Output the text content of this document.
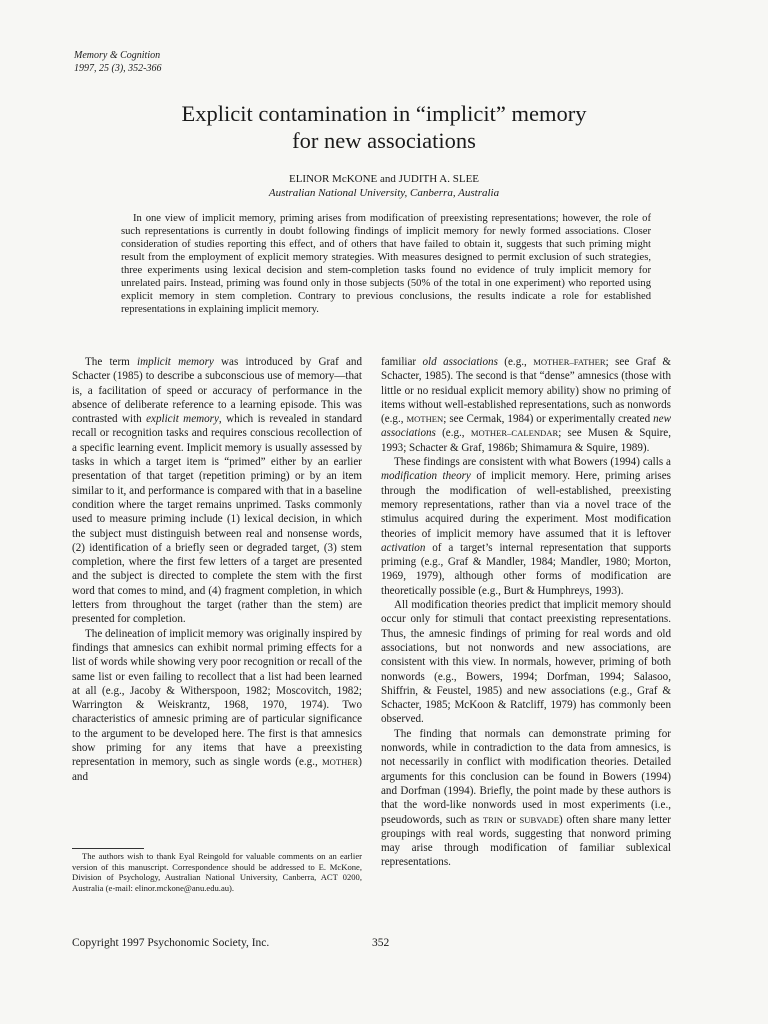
Memory & Cognition
1997, 25 (3), 352-366
Explicit contamination in “implicit” memory
for new associations
ELINOR McKONE and JUDITH A. SLEE
Australian National University, Canberra, Australia

In one view of implicit memory, priming arises from modification of preexisting representations; however, the role of such representations is currently in doubt following findings of implicit memory for newly formed associations. Closer consideration of studies reporting this effect, and of others that have failed to obtain it, suggests that such priming might result from the employment of explicit memory strategies. With measures designed to permit exclusion of such strategies, three experiments using lexical decision and stem-completion tasks found no evidence of truly implicit memory for unrelated pairs. Instead, priming was found only in those subjects (50% of the total in one experiment) who reported using explicit memory in stem completion. Contrary to previous conclusions, the results indicate a role for established representations in explaining implicit memory.

The term implicit memory was introduced by Graf and Schacter (1985) to describe a subconscious use of memory—that is, a facilitation of speed or accuracy of performance in the absence of deliberate reference to a learning episode. This was contrasted with explicit memory, which is revealed in standard recall or recognition tasks and requires conscious recollection of a specific learning event. Implicit memory is usually assessed by tasks in which a target item is “primed” either by an earlier presentation of that target (repetition priming) or by an item similar to it, and performance is compared with that in a baseline condition where the target remains unprimed. Tasks commonly used to measure priming include (1) lexical decision, in which the subject must distinguish between real and nonsense words, (2) identification of a briefly seen or degraded target, (3) stem completion, where the first few letters of a target are presented and the subject is directed to complete the stem with the first word that comes to mind, and (4) fragment completion, in which letters from throughout the target (rather than the stem) are presented for completion.

The delineation of implicit memory was originally inspired by findings that amnesics can exhibit normal priming effects for a list of words while showing very poor recognition or recall of the same list or even failing to recollect that a list had been learned at all (e.g., Jacoby & Witherspoon, 1982; Moscovitch, 1982; Warrington & Weiskrantz, 1968, 1970, 1974). Two characteristics of amnesic priming are of particular significance to the argument to be developed here. The first is that amnesics show priming for any items that have a preexisting representation in memory, such as single words (e.g., MOTHER) and

familiar old associations (e.g., MOTHER–FATHER; see Graf & Schacter, 1985). The second is that “dense” amnesics (those with little or no residual explicit memory ability) show no priming of items without well-established representations, such as nonwords (e.g., MOTHEN; see Cermak, 1984) or experimentally created new associations (e.g., MOTHER–CALENDAR; see Musen & Squire, 1993; Schacter & Graf, 1986b; Shimamura & Squire, 1989).

These findings are consistent with what Bowers (1994) calls a modification theory of implicit memory. Here, priming arises through the modification of well-established, preexisting memory representations, rather than via a novel trace of the stimulus acquired during the experiment. Most modification theories of implicit memory have assumed that it is leftover activation of a target’s internal representation that supports priming (e.g., Graf & Mandler, 1984; Mandler, 1980; Morton, 1969, 1979), although other forms of modification are theoretically possible (e.g., Burt & Humphreys, 1993).

All modification theories predict that implicit memory should occur only for stimuli that contact preexisting representations. Thus, the amnesic findings of priming for real words and old associations, but not nonwords and new associations, are consistent with this view. In normals, however, priming of both nonwords (e.g., Bowers, 1994; Dorfman, 1994; Salasoo, Shiffrin, & Feustel, 1985) and new associations (e.g., Graf & Schacter, 1985; McKoon & Ratcliff, 1979) has commonly been observed.

The finding that normals can demonstrate priming for nonwords, while in contradiction to the data from amnesics, is not necessarily in conflict with modification theories. Detailed arguments for this conclusion can be found in Bowers (1994) and Dorfman (1994). Briefly, the point made by these authors is that the word-like nonwords used in most experiments (i.e., pseudowords, such as TRIN or SUBVADE) often share many letter groupings with real words, suggesting that nonword priming may arise through modification of familiar sublexical representations.

The authors wish to thank Eyal Reingold for valuable comments on an earlier version of this manuscript. Correspondence should be addressed to E. McKone, Division of Psychology, Australian National University, Canberra, ACT 0200, Australia (e-mail: elinor.mckone@anu.edu.au).

Copyright 1997 Psychonomic Society, Inc.	352
